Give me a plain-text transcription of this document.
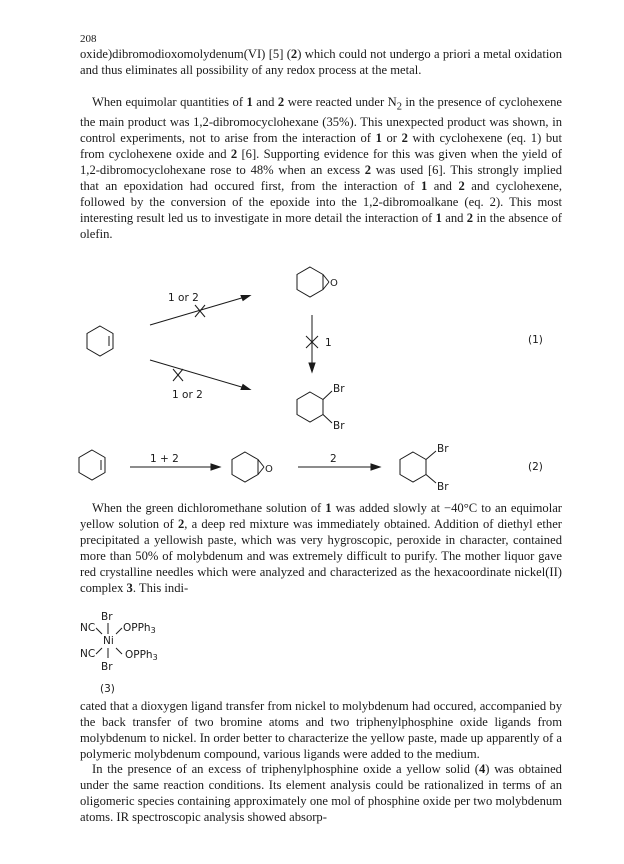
208
oxide)dibromodioxomolydenum(VI) [5] (2) which could not undergo a priori a metal oxidation and thus eliminates all possibility of any redox process at the metal.
When equimolar quantities of 1 and 2 were reacted under $N_2$ in the presence of cyclohexene the main product was 1,2-dibromocyclohexane (35%). This unexpected product was shown, in control experiments, not to arise from the interaction of 1 or 2 with cyclohexene (eq. 1) but from cyclohexene oxide and 2 [6]. Supporting evidence for this was given when the yield of 1,2-dibromocyclohexane rose to 48% when an excess 2 was used [6]. This strongly implied that an epoxidation had occured first, from the interaction of 1 and 2 and cyclohexene, followed by the conversion of the epoxide into the 1,2-dibromoalkane (eq. 2). This most interesting result led us to investigate in more detail the interaction of 1 and 2 in the absence of olefin.
1 or 2
1 or 2
O
1
Br
Br
(1)
1 + 2
O
2
Br
Br
(2)
Br
NC
NC
Ni
OPPh3
OPPh3
Br
(3)
When the green dichloromethane solution of 1 was added slowly at −40°C to an equimolar yellow solution of 2, a deep red mixture was immediately obtained. Addition of diethyl ether precipitated a yellowish paste, which was very hygroscopic, peroxide in character, contained more than 50% of molybdenum and was extremely difficult to purify. The mother liquor gave red crystalline needles which were analyzed and characterized as the hexacoordinate nickel(II) complex 3. This indi-
cated that a dioxygen ligand transfer from nickel to molybdenum had occured, accompanied by the back transfer of two bromine atoms and two triphenylphosphine oxide ligands from molybdenum to nickel. In order better to characterize the yellow paste, made up apparently of a polymeric molybdenum compound, various ligands were added to the medium.
In the presence of an excess of triphenylphosphine oxide a yellow solid (4) was obtained under the same reaction conditions. Its element analysis could be rationalized in terms of an oligomeric species containing approximately one mol of phosphine oxide per two molybdenum atoms. IR spectroscopic analysis showed absorp-
